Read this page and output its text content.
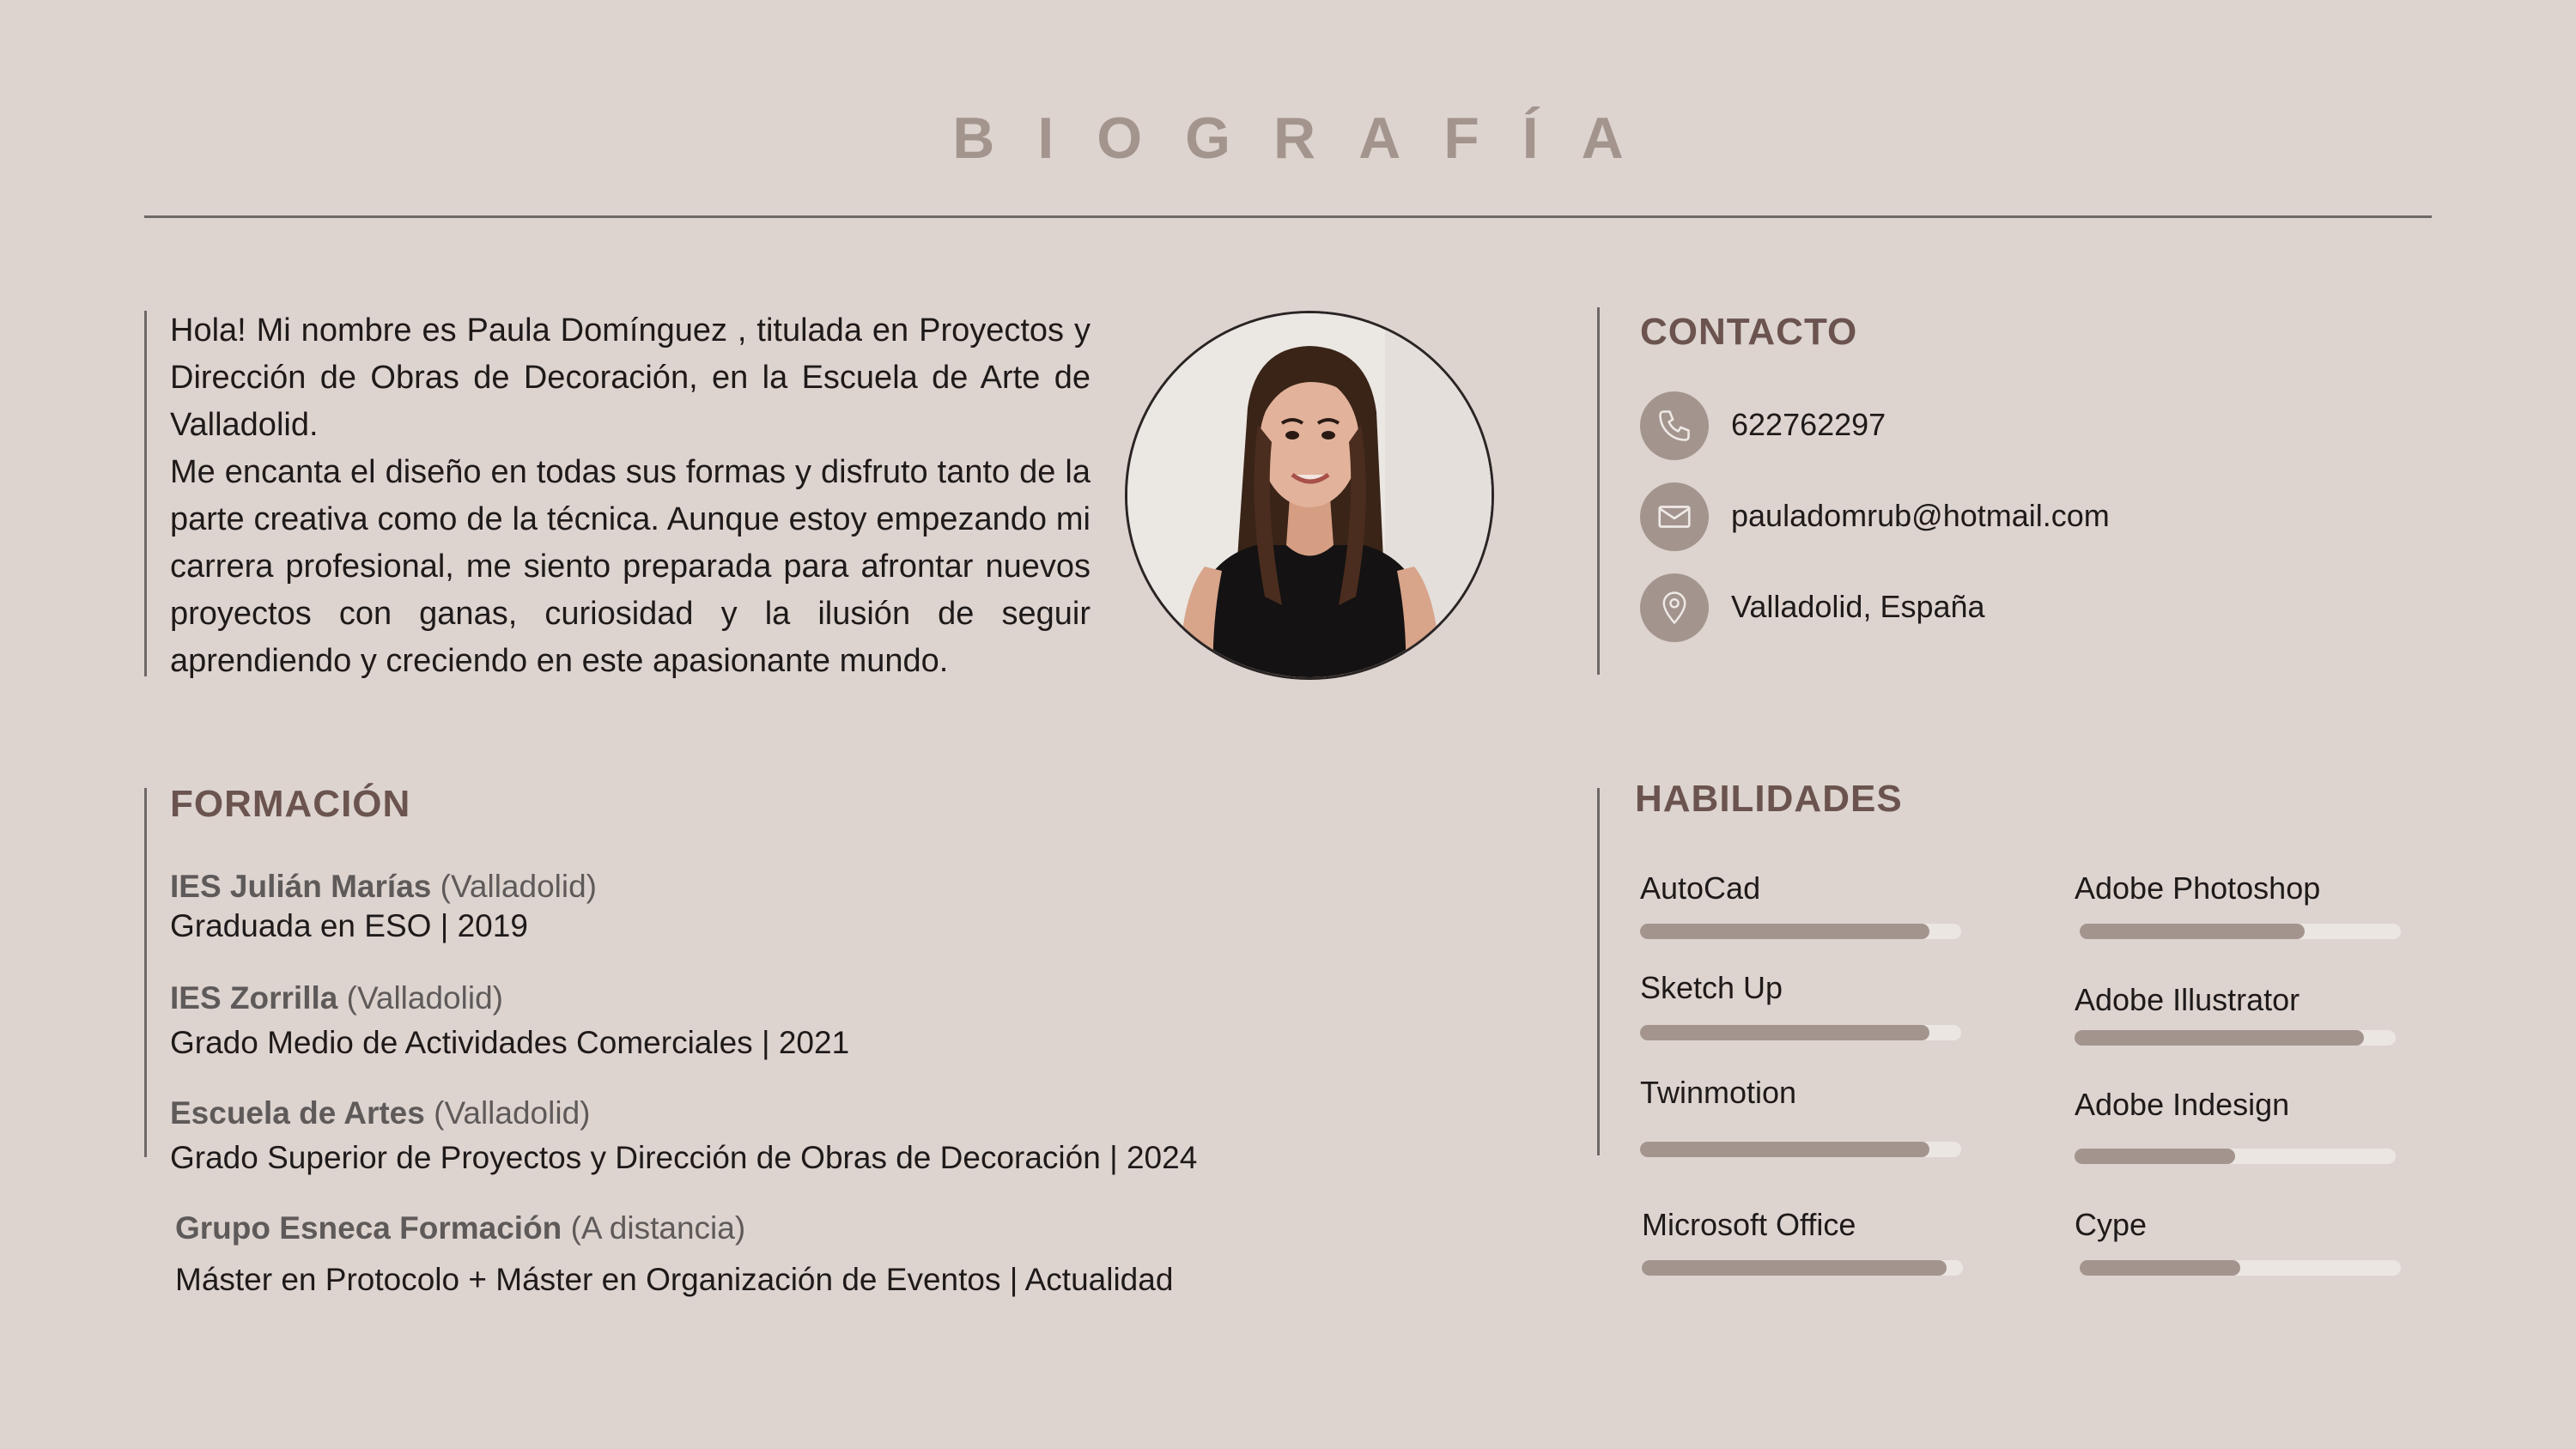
BIOGRAFÍA

Hola! Mi nombre es Paula Domínguez , titulada en Proyectos y Dirección de Obras de Decoración, en la Escuela de Arte de Valladolid.

Me encanta el diseño en todas sus formas y disfruto tanto de la parte creativa como de la técnica. Aunque estoy empezando mi carrera profesional, me siento preparada para afrontar nuevos proyectos con ganas, curiosidad y la ilusión de seguir aprendiendo y creciendo en este apasionante mundo.

CONTACTO
622762297
pauladomrub@hotmail.com
Valladolid, España
FORMACIÓN
IES Julián Marías (Valladolid)
Graduada en ESO | 2019
IES Zorrilla (Valladolid)
Grado Medio de Actividades Comerciales | 2021
Escuela de Artes (Valladolid)
Grado Superior de Proyectos y Dirección de Obras de Decoración | 2024
Grupo Esneca Formación (A distancia)
Máster en Protocolo + Máster en Organización de Eventos | Actualidad
HABILIDADES
AutoCad	Adobe Photoshop
Sketch Up	Adobe Illustrator
Twinmotion	Adobe Indesign
Microsoft Office	Cype
